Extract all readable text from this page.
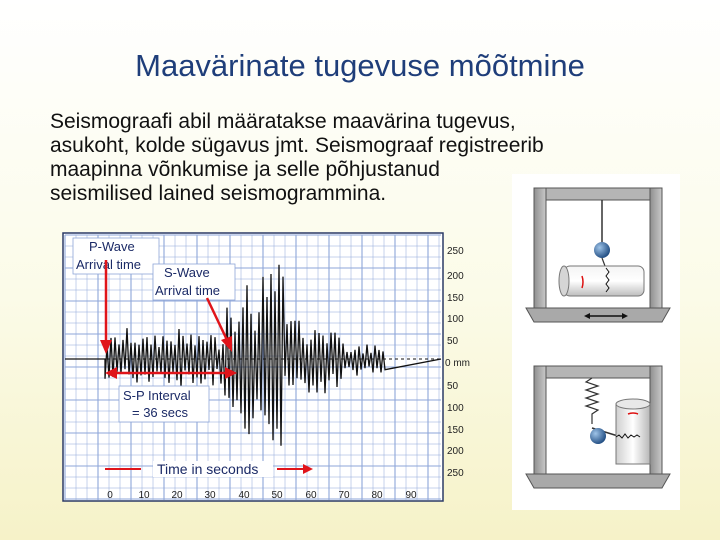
Maavärinate tugevuse mõõtmine

Seismograafi abil määratakse maavärina tugevus,

asukoht, kolde sügavus jmt. Seismograaf registreerib

maapinna võnkumise ja selle põhjustanud

seismilised lained seismogrammina.

250
200
150
100
50
0 mm
50
100
150
200
250
0	10 20 30 40 50 60 70 80 90
P-Wave
Arrival time
S-Wave
Arrival time
S-P Interval
= 36 secs
Time in seconds
